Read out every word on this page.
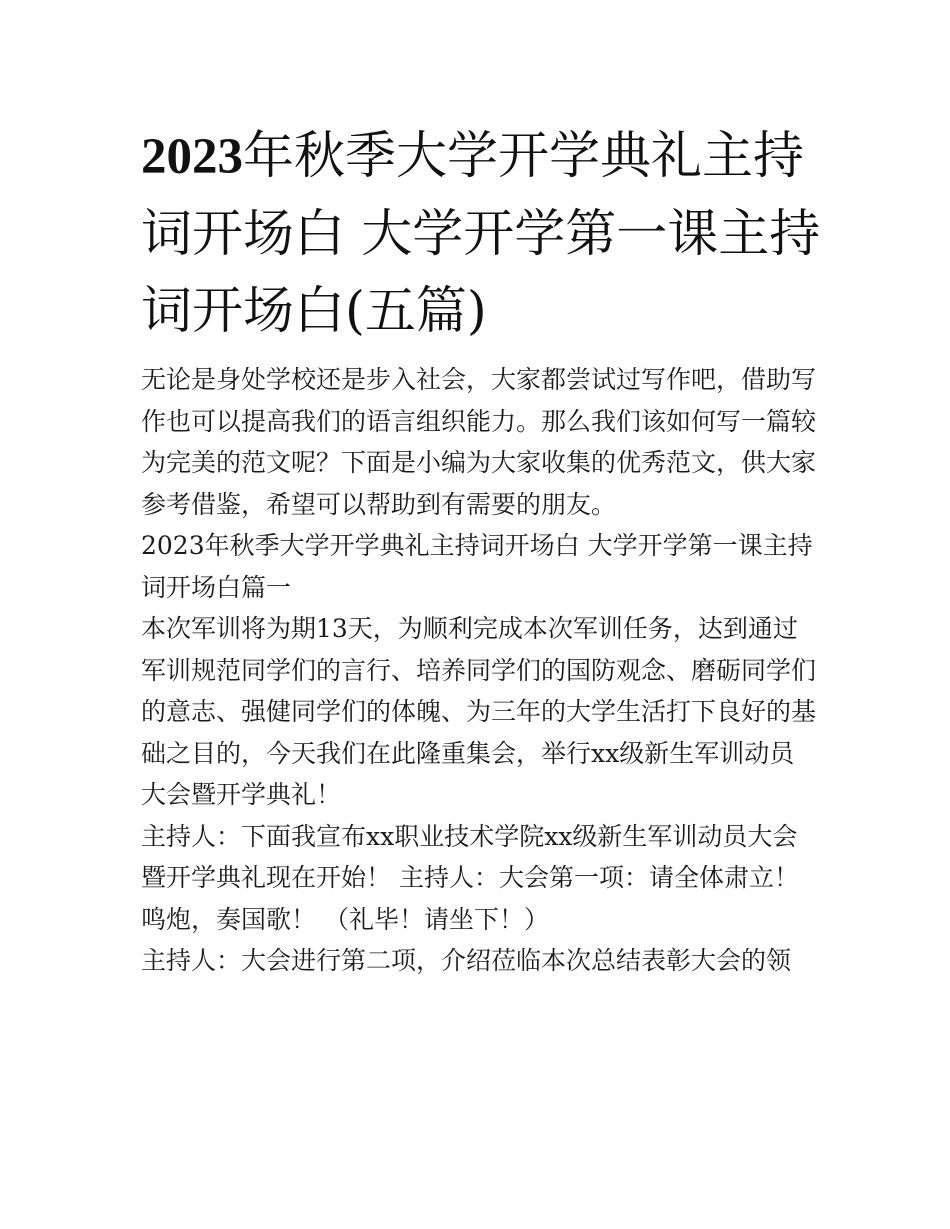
2023年秋季大学开学典礼主持词开场白 大学开学第一课主持词开场白(五篇)

无论是身处学校还是步入社会，大家都尝试过写作吧，借助写作也可以提高我们的语言组织能力。那么我们该如何写一篇较为完美的范文呢？下面是小编为大家收集的优秀范文，供大家参考借鉴，希望可以帮助到有需要的朋友。

2023年秋季大学开学典礼主持词开场白 大学开学第一课主持词开场白篇一

本次军训将为期13天，为顺利完成本次军训任务，达到通过军训规范同学们的言行、培养同学们的国防观念、磨砺同学们的意志、强健同学们的体魄、为三年的大学生活打下良好的基础之目的，今天我们在此隆重集会，举行xx级新生军训动员大会暨开学典礼！

主持人：下面我宣布xx职业技术学院xx级新生军训动员大会暨开学典礼现在开始！ 主持人：大会第一项：请全体肃立！ 鸣炮，奏国歌！ （礼毕！请坐下！）

主持人：大会进行第二项，介绍莅临本次总结表彰大会的领
